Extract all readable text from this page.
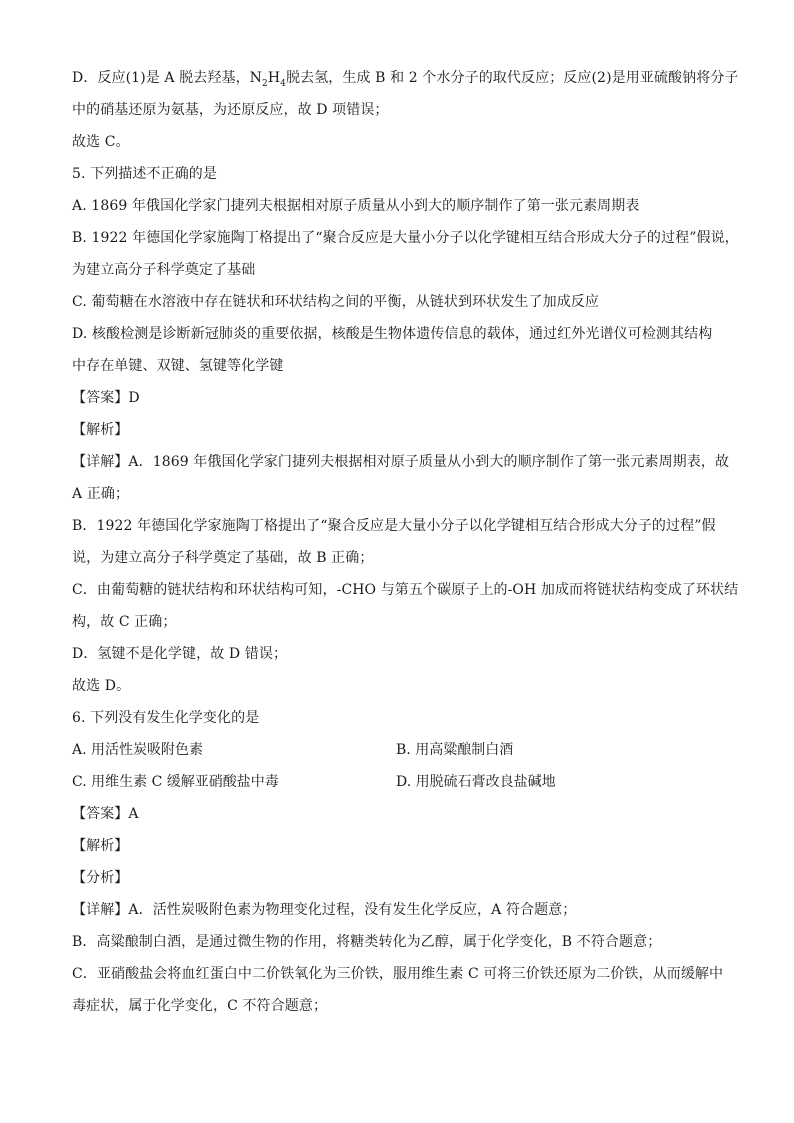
D．反应(1)是 A 脱去羟基，$N_2H_4$脱去氢，生成 B 和 2 个水分子的取代反应；反应(2)是用亚硫酸钠将分子
中的硝基还原为氨基，为还原反应，故 D 项错误；
故选 C。
5. 下列描述不正确的是
A. 1869 年俄国化学家门捷列夫根据相对原子质量从小到大的顺序制作了第一张元素周期表
B. 1922 年德国化学家施陶丁格提出了“聚合反应是大量小分子以化学键相互结合形成大分子的过程”假说，
为建立高分子科学奠定了基础
C. 葡萄糖在水溶液中存在链状和环状结构之间的平衡，从链状到环状发生了加成反应
D. 核酸检测是诊断新冠肺炎的重要依据，核酸是生物体遗传信息的载体，通过红外光谱仪可检测其结构
中存在单键、双键、氢键等化学键
【答案】D
【解析】
【详解】A．1869 年俄国化学家门捷列夫根据相对原子质量从小到大的顺序制作了第一张元素周期表，故
A 正确；
B．1922 年德国化学家施陶丁格提出了“聚合反应是大量小分子以化学键相互结合形成大分子的过程”假
说，为建立高分子科学奠定了基础，故 B 正确；
C．由葡萄糖的链状结构和环状结构可知，-CHO 与第五个碳原子上的-OH 加成而将链状结构变成了环状结
构，故 C 正确；
D．氢键不是化学键，故 D 错误；
故选 D。
6. 下列没有发生化学变化的是
A. 用活性炭吸附色素	B. 用高粱酿制白酒
C. 用维生素 C 缓解亚硝酸盐中毒	D. 用脱硫石膏改良盐碱地
【答案】A
【解析】
【分析】
【详解】A．活性炭吸附色素为物理变化过程，没有发生化学反应，A 符合题意；
B．高粱酿制白酒，是通过微生物的作用，将糖类转化为乙醇，属于化学变化，B 不符合题意；
C．亚硝酸盐会将血红蛋白中二价铁氧化为三价铁，服用维生素 C 可将三价铁还原为二价铁，从而缓解中
毒症状，属于化学变化，C 不符合题意；
